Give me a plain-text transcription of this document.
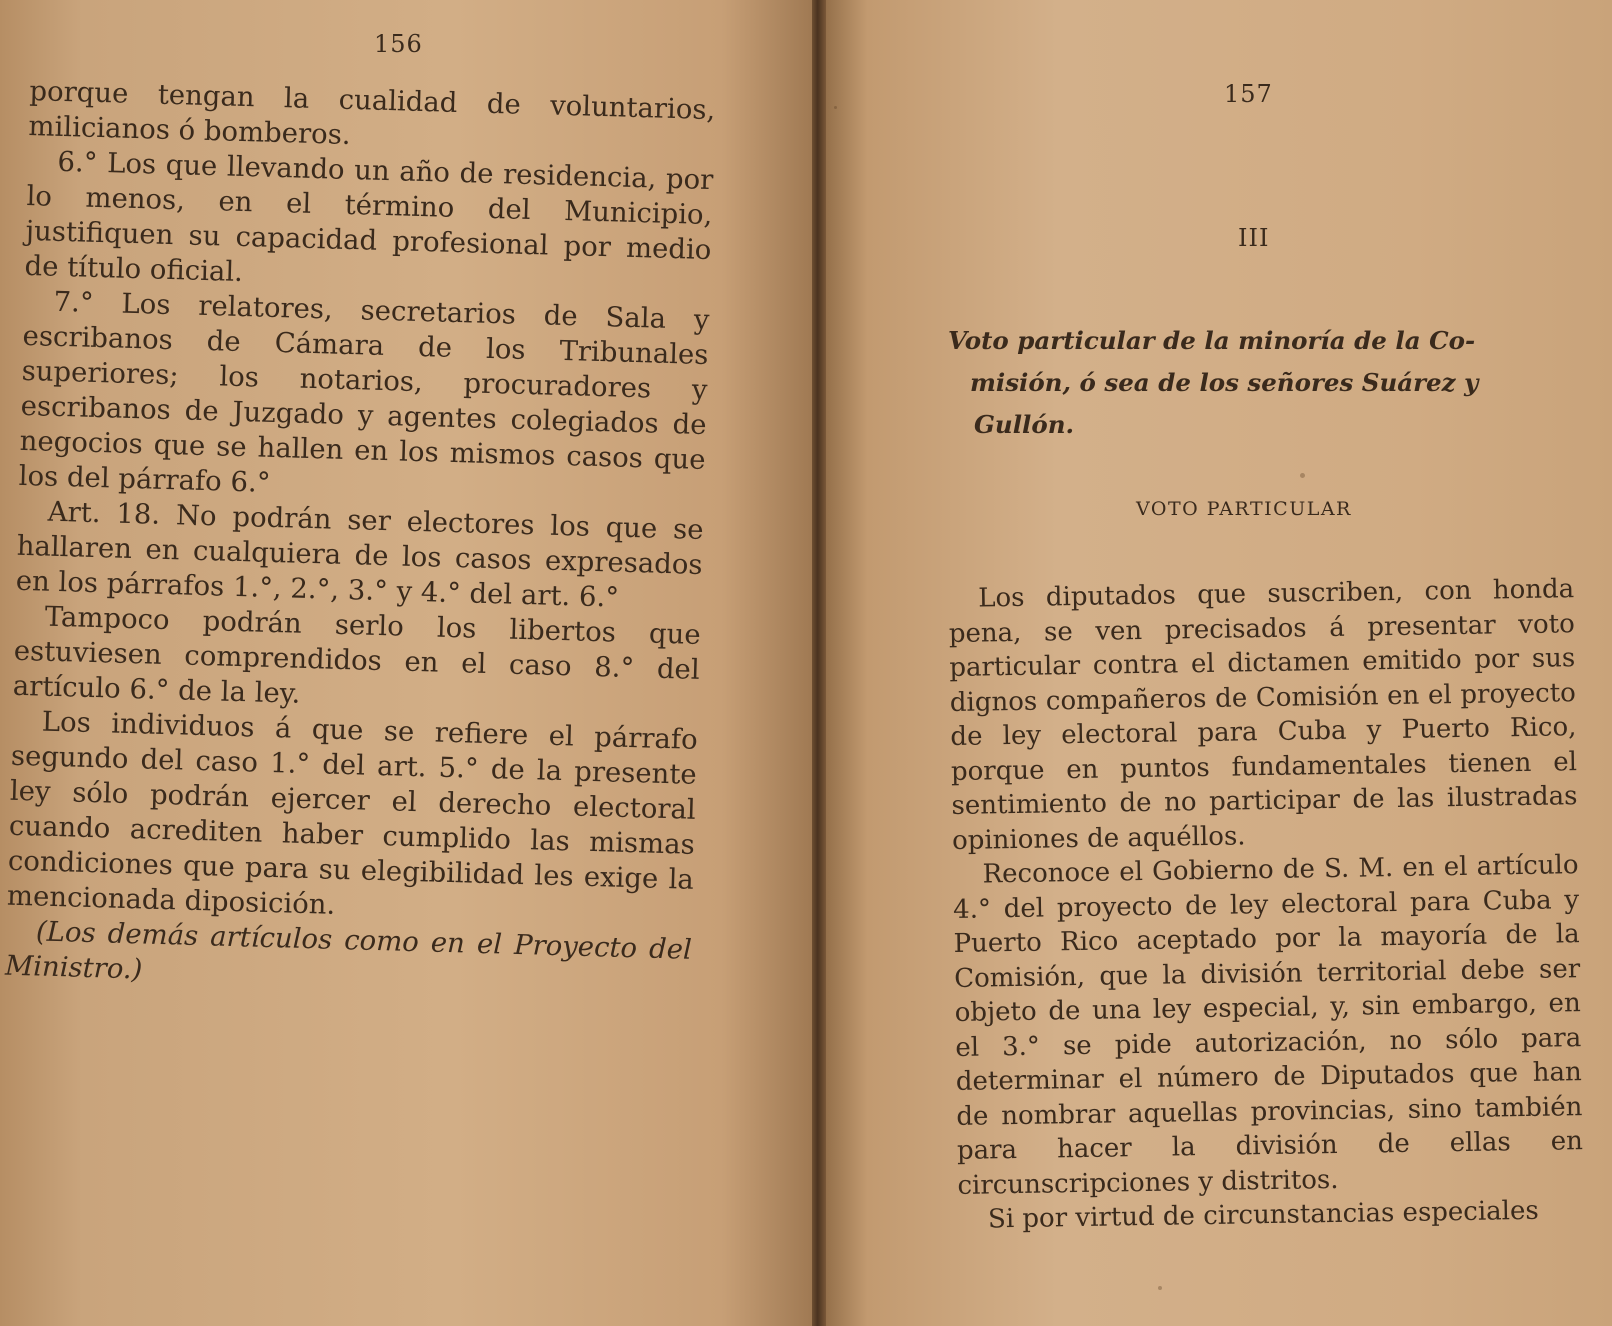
156

porque tengan la cualidad de voluntarios, milicianos ó bomberos.

6.° Los que llevando un año de residencia, por lo menos, en el término del Municipio, justifiquen su capacidad profesional por medio de título oficial.

7.° Los relatores, secretarios de Sala y escribanos de Cámara de los Tribunales superiores; los notarios, procuradores y escribanos de Juzgado y agentes colegiados de negocios que se hallen en los mismos casos que los del párrafo 6.°

Art. 18. No podrán ser electores los que se hallaren en cualquiera de los casos expresados en los párrafos 1.°, 2.°, 3.° y 4.° del art. 6.°

Tampoco podrán serlo los libertos que estuviesen comprendidos en el caso 8.° del artículo 6.° de la ley.

Los individuos á que se refiere el párrafo segundo del caso 1.° del art. 5.° de la presente ley sólo podrán ejercer el derecho electoral cuando acrediten haber cumplido las mismas condiciones que para su elegibilidad les exige la mencionada diposición.

(Los demás artículos como en el Proyecto del Ministro.)

157
III
Voto particular de la minoría de la Co-
misión, ó sea de los señores Suárez y
Gullón.
VOTO PARTICULAR

Los diputados que suscriben, con honda pena, se ven precisados á presentar voto particular contra el dictamen emitido por sus dignos compañeros de Comisión en el proyecto de ley electoral para Cuba y Puerto Rico, porque en puntos fundamentales tienen el sentimiento de no participar de las ilustradas opiniones de aquéllos.

Reconoce el Gobierno de S. M. en el artículo 4.° del proyecto de ley electoral para Cuba y Puerto Rico aceptado por la mayoría de la Comisión, que la división territorial debe ser objeto de una ley especial, y, sin embargo, en el 3.° se pide autorización, no sólo para determinar el número de Diputados que han de nombrar aquellas provincias, sino también para hacer la división de ellas en circunscripciones y distritos.

Si por virtud de circunstancias especiales
